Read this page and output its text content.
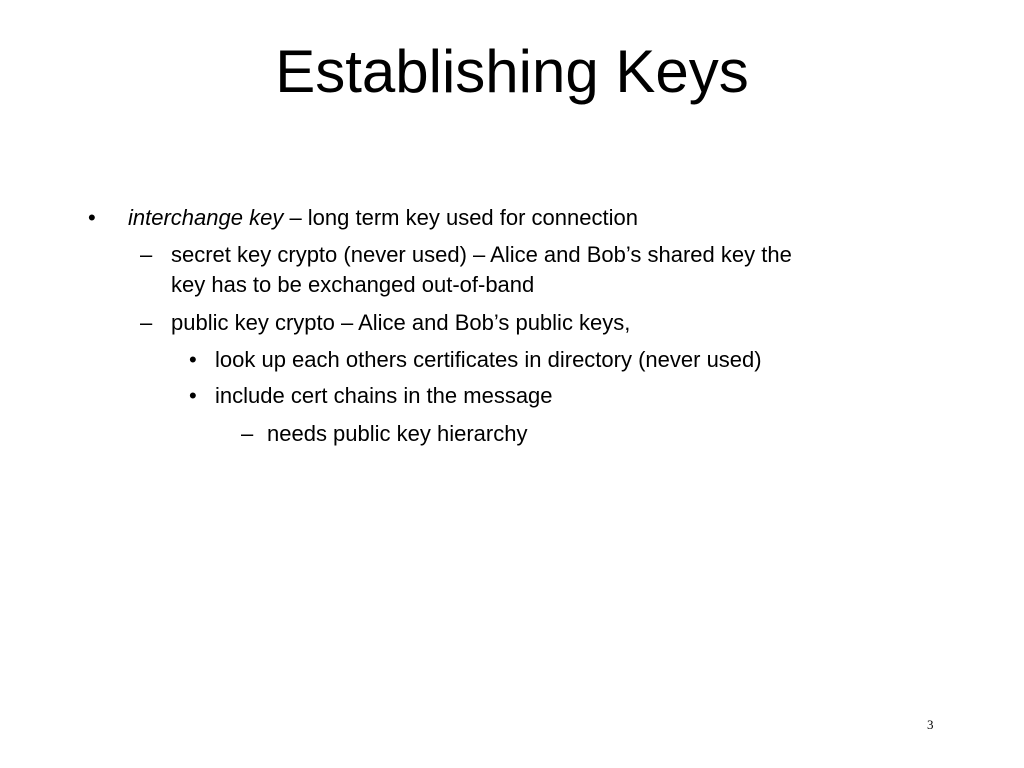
Establishing Keys
• interchange key – long term key used for connection
– secret key crypto (never used) – Alice and Bob’s shared key the
key has to be exchanged out-of-band
– public key crypto – Alice and Bob’s public keys,
• look up each others certificates in directory (never used)
• include cert chains in the message
– needs public key hierarchy
3
